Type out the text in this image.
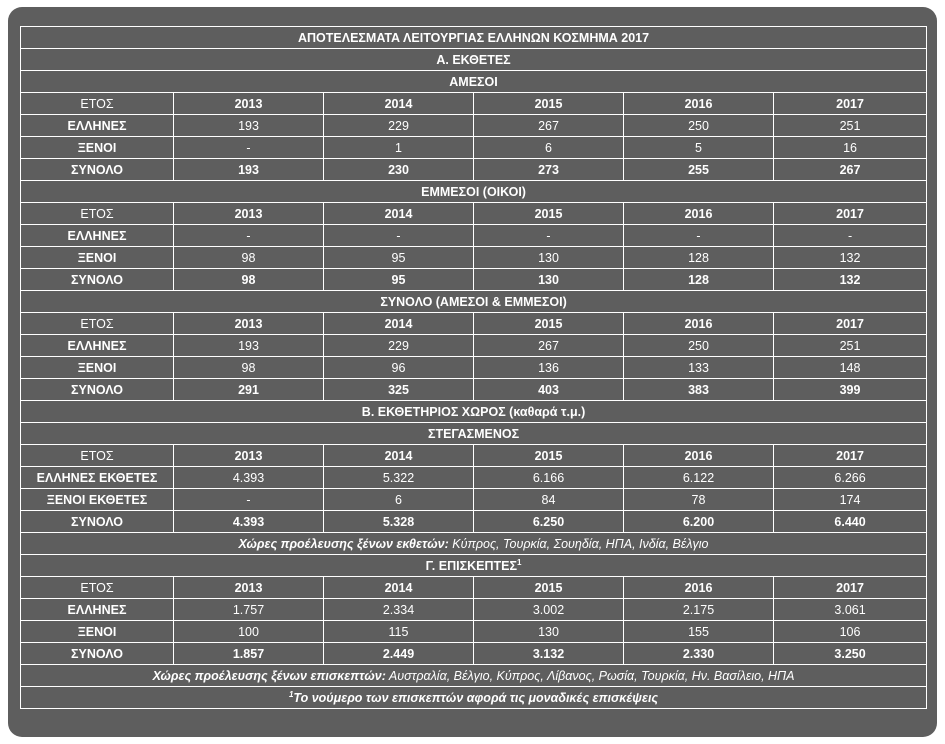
ΑΠΟΤΕΛΕΣΜΑΤΑ ΛΕΙΤΟΥΡΓΙΑΣ ΕΛΛΗΝΩΝ ΚΟΣΜΗΜΑ 2017					
Α. ΕΚΘΕΤΕΣ					
ΑΜΕΣΟΙ					
ΕΤΟΣ	2013	2014	2015	2016	2017
ΕΛΛΗΝΕΣ	193	229	267	250	251
ΞΕΝΟΙ	-	1	6	5	16
ΣΥΝΟΛΟ	193	230	273	255	267
ΕΜΜΕΣΟΙ (ΟΙΚΟΙ)					
ΕΤΟΣ	2013	2014	2015	2016	2017
ΕΛΛΗΝΕΣ	-	-	-	-	-
ΞΕΝΟΙ	98	95	130	128	132
ΣΥΝΟΛΟ	98	95	130	128	132
ΣΥΝΟΛΟ (ΑΜΕΣΟΙ & ΕΜΜΕΣΟΙ)					
ΕΤΟΣ	2013	2014	2015	2016	2017
ΕΛΛΗΝΕΣ	193	229	267	250	251
ΞΕΝΟΙ	98	96	136	133	148
ΣΥΝΟΛΟ	291	325	403	383	399
Β. ΕΚΘΕΤΗΡΙΟΣ ΧΩΡΟΣ (καθαρά τ.μ.)					
ΣΤΕΓΑΣΜΕΝΟΣ					
ΕΤΟΣ	2013	2014	2015	2016	2017
ΕΛΛΗΝΕΣ ΕΚΘΕΤΕΣ	4.393	5.322	6.166	6.122	6.266
ΞΕΝΟΙ ΕΚΘΕΤΕΣ	-	6	84	78	174
ΣΥΝΟΛΟ	4.393	5.328	6.250	6.200	6.440
Χώρες προέλευσης ξένων εκθετών: Κύπρος, Τουρκία, Σουηδία, ΗΠΑ, Ινδία, Βέλγιο					
Γ. ΕΠΙΣΚΕΠΤΕΣ$^1$
ΕΤΟΣ	2013	2014	2015	2016	2017
ΕΛΛΗΝΕΣ	1.757	2.334	3.002	2.175	3.061
ΞΕΝΟΙ	100	115	130	155	106
ΣΥΝΟΛΟ	1.857	2.449	3.132	2.330	3.250
Χώρες προέλευσης ξένων επισκεπτών: Αυστραλία, Βέλγιο, Κύπρος, Λίβανος, Ρωσία, Τουρκία, Ην. Βασίλειο, ΗΠΑ					
$^1$Το νούμερο των επισκεπτών αφορά τις μοναδικές επισκέψεις					
